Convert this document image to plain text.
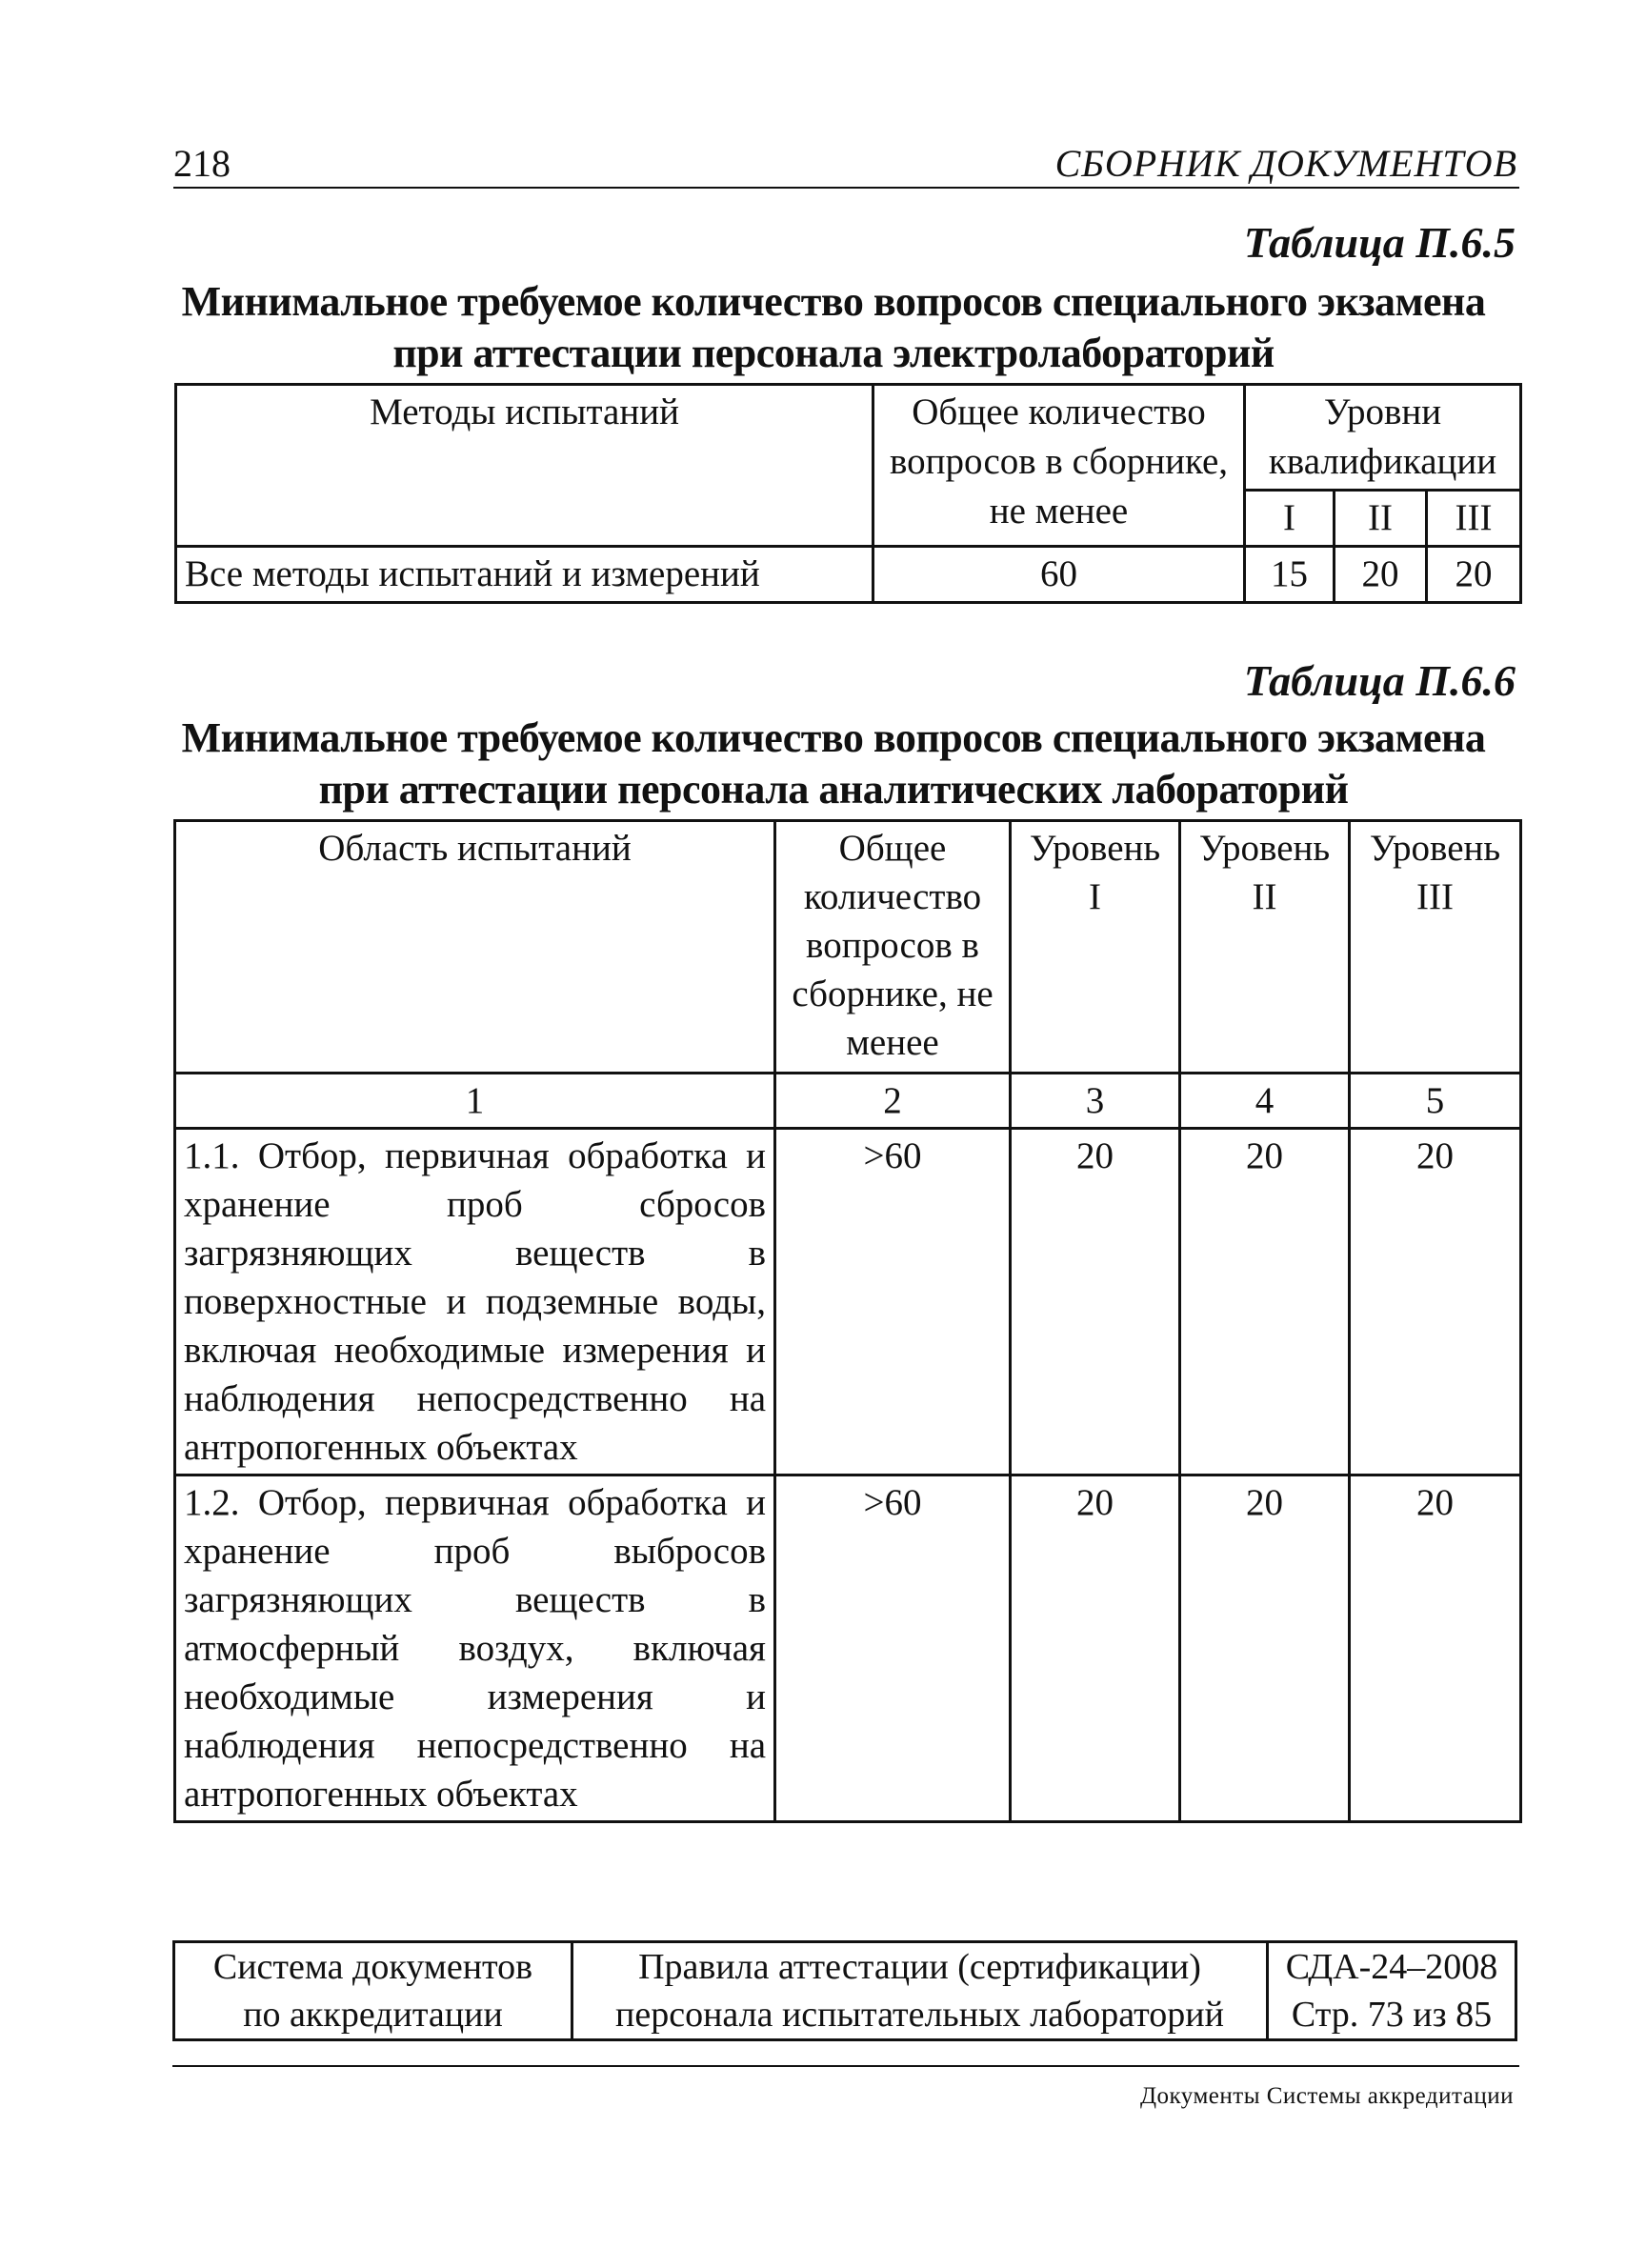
218	СБОРНИК ДОКУМЕНТОВ
Таблица П.6.5
Минимальное требуемое количество вопросов специального экзамена при аттестации персонала электролабораторий
Методы испытаний	Общее количество вопросов в сборнике, не менее	Уровни квалификации		
		I	II	III
Все методы испытаний и измерений	60	15	20	20
Таблица П.6.6
Минимальное требуемое количество вопросов специального экзамена при аттестации персонала аналитических лабораторий
Область испытаний	Общее количество вопросов в сборнике, не менее	Уровень I	Уровень II	Уровень III
1	2	3	4	5
1.1. Отбор, первичная обработка и хранение проб сбросов загрязняющих веществ в поверхностные и подземные воды, включая необходимые измерения и наблюдения непосредственно на антропогенных объектах	>60	20	20	20
1.2. Отбор, первичная обработка и хранение проб выбросов загрязняющих веществ в атмосферный воздух, включая необходимые измерения и наблюдения непосредственно на антропогенных объектах	>60	20	20	20
Система документов
по аккредитации

Правила аттестации (сертификации)
персонала испытательных лабораторий

СДА-24–2008
Стр. 73 из 85
Документы Системы аккредитации
